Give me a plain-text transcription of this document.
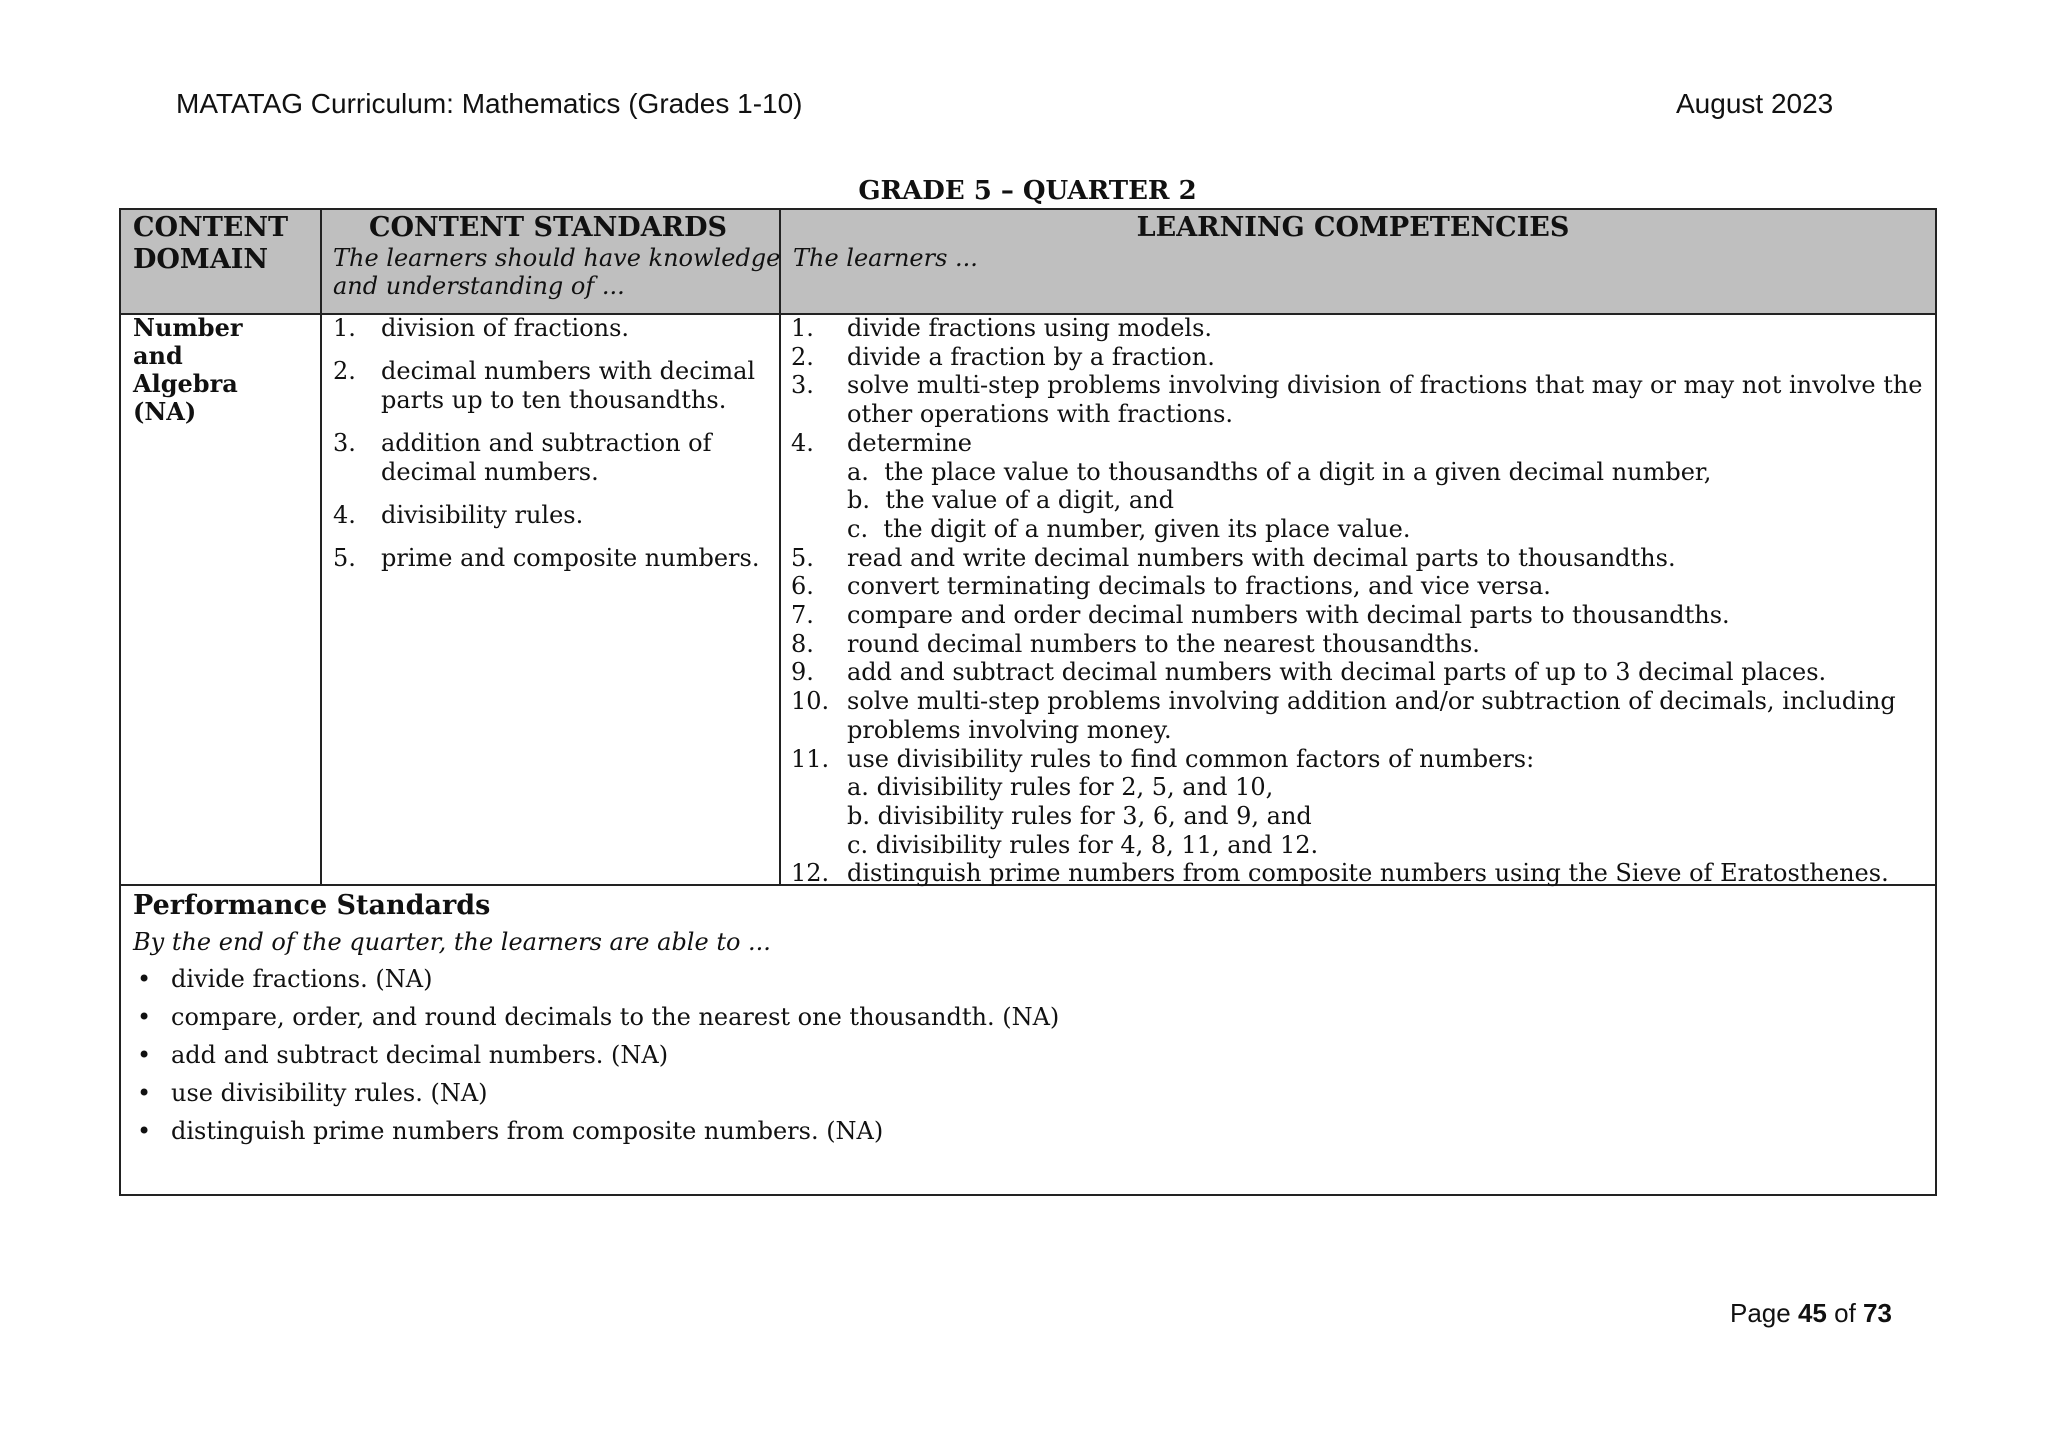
MATATAG Curriculum: Mathematics (Grades 1-10)	August 2023
GRADE 5 – QUARTER 2
CONTENT
DOMAIN
CONTENT STANDARDS
The learners should have knowledge
and understanding of ...
LEARNING COMPETENCIES
The learners ...
Number
and
Algebra
(NA)
1. division of fractions.
2. decimal numbers with decimal
parts up to ten thousandths.
3. addition and subtraction of
decimal numbers.
4. divisibility rules.
5. prime and composite numbers.
1. divide fractions using models.
2. divide a fraction by a fraction.
3. solve multi-step problems involving division of fractions that may or may not involve the
other operations with fractions.
4. determine
a.  the place value to thousandths of a digit in a given decimal number,
b.  the value of a digit, and
c.  the digit of a number, given its place value.
5. read and write decimal numbers with decimal parts to thousandths.
6. convert terminating decimals to fractions, and vice versa.
7. compare and order decimal numbers with decimal parts to thousandths.
8. round decimal numbers to the nearest thousandths.
9. add and subtract decimal numbers with decimal parts of up to 3 decimal places.
10. solve multi-step problems involving addition and/or subtraction of decimals, including
problems involving money.
11. use divisibility rules to find common factors of numbers:
a. divisibility rules for 2, 5, and 10,
b. divisibility rules for 3, 6, and 9, and
c. divisibility rules for 4, 8, 11, and 12.
12. distinguish prime numbers from composite numbers using the Sieve of Eratosthenes.
Performance Standards
By the end of the quarter, the learners are able to ...
• divide fractions. (NA)
• compare, order, and round decimals to the nearest one thousandth. (NA)
• add and subtract decimal numbers. (NA)
• use divisibility rules. (NA)
• distinguish prime numbers from composite numbers. (NA)
Page 45 of 73
